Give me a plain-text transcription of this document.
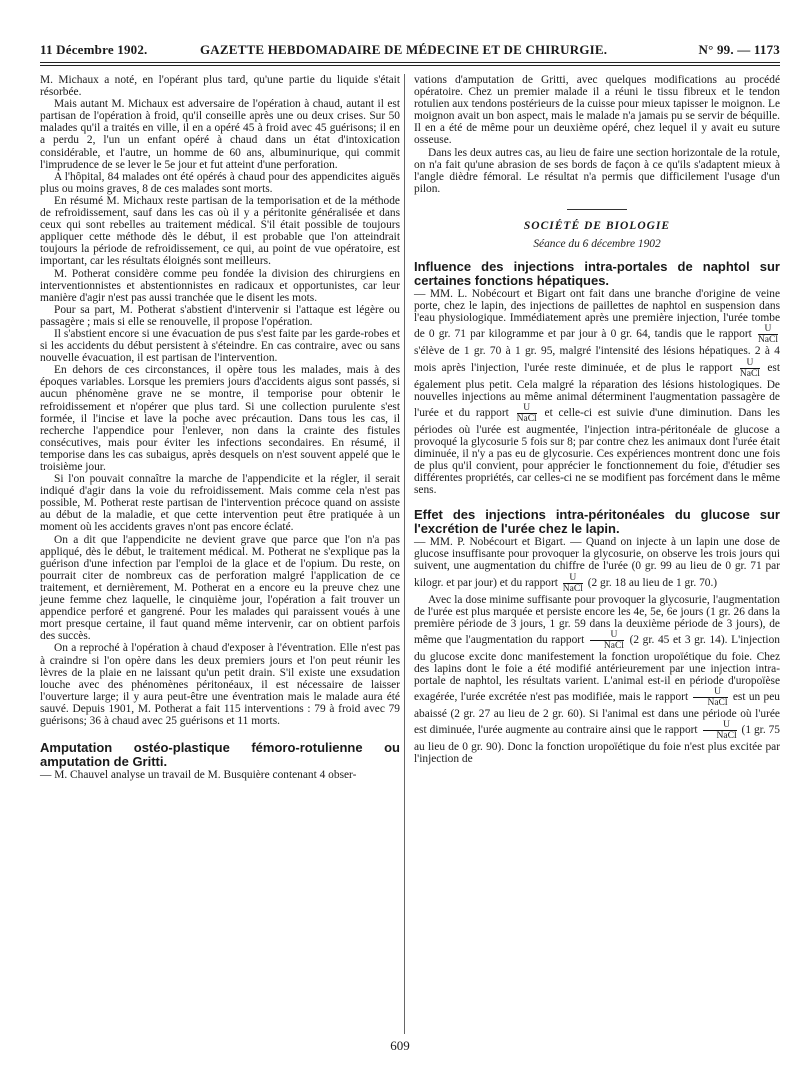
11 Décembre 1902.	GAZETTE HEBDOMADAIRE DE MÉDECINE ET DE CHIRURGIE.	N° 99. — 1173

M. Michaux a noté, en l'opérant plus tard, qu'une partie du liquide s'était résorbée.

Mais autant M. Michaux est adversaire de l'opération à chaud, autant il est partisan de l'opération à froid, qu'il conseille après une ou deux crises. Sur 50 malades qu'il a traités en ville, il en a opéré 45 à froid avec 45 guérisons; il en a perdu 2, l'un un enfant opéré à chaud dans un état d'intoxication considérable, et l'autre, un homme de 60 ans, albuminurique, qui commit l'imprudence de se lever le 5e jour et fut atteint d'une perforation.

A l'hôpital, 84 malades ont été opérés à chaud pour des appendicites aiguës plus ou moins graves, 8 de ces malades sont morts.

En résumé M. Michaux reste partisan de la temporisation et de la méthode de refroidissement, sauf dans les cas où il y a péritonite généralisée et dans ceux qui sont rebelles au traitement médical. S'il était possible de toujours appliquer cette méthode dès le début, il est probable que l'on atteindrait toujours la période de refroidissement, ce qui, au point de vue opératoire, est important, car les résultats éloignés sont meilleurs.

M. Potherat considère comme peu fondée la division des chirurgiens en interventionnistes et abstentionnistes en radicaux et opportunistes, car leur manière d'agir n'est pas aussi tranchée que le disent les mots.

Pour sa part, M. Potherat s'abstient d'intervenir si l'attaque est légère ou passagère ; mais si elle se renouvelle, il propose l'opération.

Il s'abstient encore si une évacuation de pus s'est faite par les garde-robes et si les accidents du début persistent à s'éteindre. En cas contraire, avec ou sans nouvelle évacuation, il est partisan de l'intervention.

En dehors de ces circonstances, il opère tous les malades, mais à des époques variables. Lorsque les premiers jours d'accidents aigus sont passés, si aucun phénomène grave ne se montre, il temporise pour obtenir le refroidissement et n'opérer que plus tard. Si une collection purulente s'est formée, il l'incise et lave la poche avec précaution. Dans tous les cas, il recherche l'appendice pour l'enlever, non dans la crainte des fistules consécutives, mais pour éviter les infections secondaires. En résumé, il temporise dans les cas subaigus, après desquels on n'est souvent appelé que le troisième jour.

Si l'on pouvait connaître la marche de l'appendicite et la régler, il serait indiqué d'agir dans la voie du refroidissement. Mais comme cela n'est pas possible, M. Potherat reste partisan de l'intervention précoce quand on assiste au début de la maladie, et que cette intervention peut être pratiquée à un moment où les accidents graves n'ont pas encore éclaté.

On a dit que l'appendicite ne devient grave que parce que l'on n'a pas appliqué, dès le début, le traitement médical. M. Potherat ne s'explique pas la guérison d'une infection par l'emploi de la glace et de l'opium. Du reste, on pourrait citer de nombreux cas de perforation malgré l'application de ce traitement, et dernièrement, M. Potherat en a encore eu la preuve chez une jeune femme chez laquelle, le cinquième jour, l'opération a fait trouver un appendice perforé et gangrené. Pour les malades qui paraissent voués à une mort presque certaine, il faut quand même intervenir, car on obtient parfois des succès.

On a reproché à l'opération à chaud d'exposer à l'éventration. Elle n'est pas à craindre si l'on opère dans les deux premiers jours et l'on peut réunir les lèvres de la plaie en ne laissant qu'un petit drain. S'il existe une exsudation louche avec des phénomènes péritonéaux, il est nécessaire de laisser l'ouverture large; il y aura peut-être une éventration mais le malade aura été sauvé. Depuis 1901, M. Potherat a fait 115 interventions : 79 à froid avec 79 guérisons; 36 à chaud avec 25 guérisons et 11 morts.

Amputation ostéo-plastique fémoro-rotulienne ou amputation de Gritti.

— M. Chauvel analyse un travail de M. Busquière contenant 4 obser-

vations d'amputation de Gritti, avec quelques modifications au procédé opératoire. Chez un premier malade il a réuni le tissu fibreux et le tendon rotulien aux tendons postérieurs de la cuisse pour mieux tapisser le moignon. Le moignon avait un bon aspect, mais le malade n'a jamais pu se servir de béquille. Il en a été de même pour un deuxième opéré, chez lequel il y avait eu suture osseuse.

Dans les deux autres cas, au lieu de faire une section horizontale de la rotule, on n'a fait qu'une abrasion de ses bords de façon à ce qu'ils s'adaptent mieux à l'angle dièdre fémoral. Le résultat n'a permis que difficilement l'usage d'un pilon.

SOCIÉTÉ DE BIOLOGIE
Séance du 6 décembre 1902
Influence des injections intra-portales de naphtol sur certaines fonctions hépatiques.

— MM. L. Nobécourt et Bigart ont fait dans une branche d'origine de veine porte, chez le lapin, des injections de paillettes de naphtol en suspension dans l'eau physiologique. Immédiatement après une première injection, l'urée tombe de 0 gr. 71 par kilogramme et par jour à 0 gr. 64, tandis que le rapport $\frac{U}{\text{NaCl}}$
s'élève de 1 gr. 70 à 1 gr. 95, malgré l'intensité des lésions hépatiques. 2 à 4 mois après l'injection, l'urée reste diminuée, et de plus le rapport $\frac{U}{\text{NaCl}}$ est également plus petit. Cela malgré la réparation des lésions histologiques. De nouvelles injections au même animal déterminent l'augmentation passagère de l'urée et du rapport $\frac{U}{\text{NaCl}}$ et celle-ci est suivie d'une diminution. Dans les périodes où l'urée est augmentée, l'injection intra-péritonéale de glucose a provoqué la glycosurie 5 fois sur 8; par contre chez les animaux dont l'urée était diminuée, il n'y a pas eu de glycosurie. Ces expériences montrent donc une fois de plus qu'il convient, pour apprécier le fonctionnement du foie, d'étudier ses différentes propriétés, car celles-ci ne se modifient pas forcément dans le même sens.

Effet des injections intra-péritonéales du glucose sur l'excrétion de l'urée chez le lapin.

— MM. P. Nobécourt et Bigart. — Quand on injecte à un lapin une dose de glucose insuffisante pour provoquer la glycosurie, on observe les trois jours qui suivent, une augmentation du chiffre de l'urée (0 gr. 99 au lieu de 0 gr. 71 par kilogr. et par jour) et du rapport $\frac{U}{\text{NaCl}} (2$ gr. 18 au lieu de 1 gr. 70.)

Avec la dose minime suffisante pour provoquer la glycosurie, l'augmentation de l'urée est plus marquée et persiste encore les 4e, 5e, 6e jours (1 gr. 26 dans la première période de 3 jours, 1 gr. 59 dans la deuxième période de 3 jours), de même que l'augmentation du rapport $\frac{U}{\text{NaCl}} (2$ gr. 45 et 3 gr. 14). L'injection du glucose excite donc manifestement la fonction uropoïétique du foie. Chez des lapins dont le foie a été modifié antérieurement par une injection intra-portale de naphtol, les résultats varient. L'animal est-il en période d'uropoïèse exagérée, l'urée excrétée n'est pas modifiée, mais le rapport $\frac{U}{\text{NaCl}}$ est un peu abaissé (2 gr. 27 au lieu de 2 gr. 60). Si l'animal est dans une période où l'urée est diminuée, l'urée augmente au contraire ainsi que le rapport $\frac{U}{\text{NaCl}} (1$ gr. 75 au lieu de 0 gr. 90). Donc la fonction uropoïétique du foie n'est plus excitée par l'injection de

609
